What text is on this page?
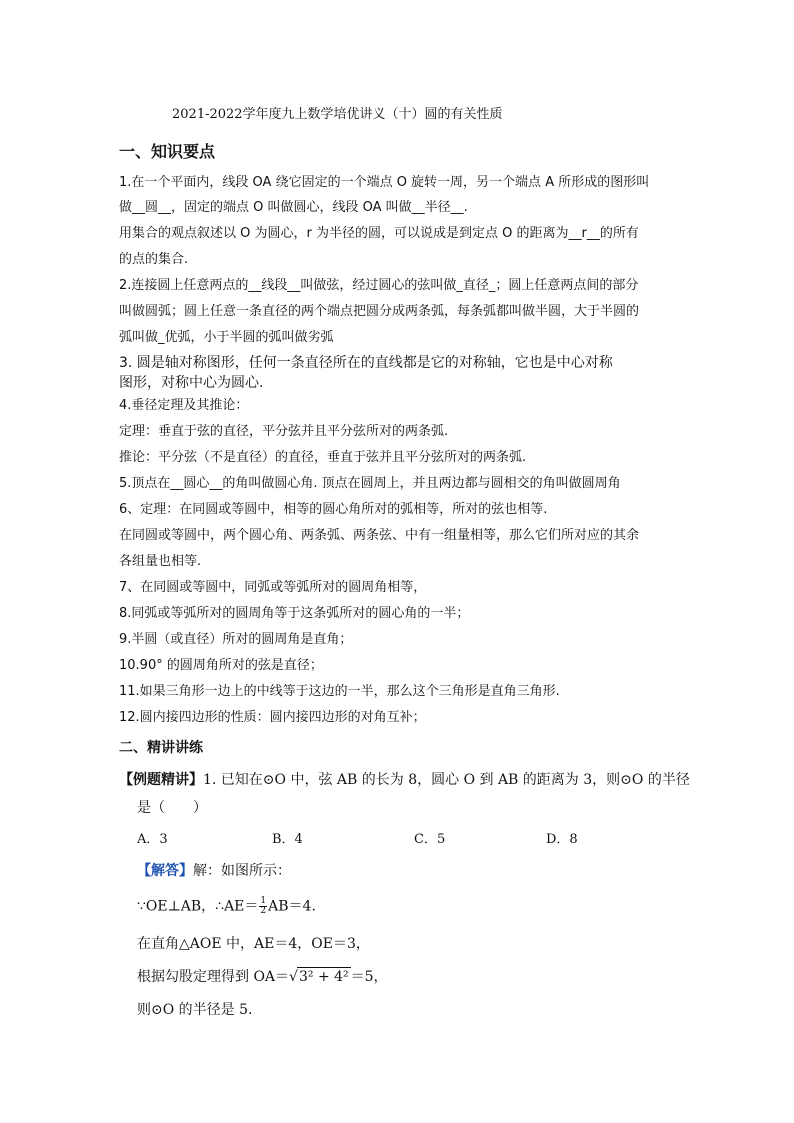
2021-2022学年度九上数学培优讲义（十）圆的有关性质
一、知识要点
1.在一个平面内，线段 OA 绕它固定的一个端点 O 旋转一周，另一个端点 A 所形成的图形叫
做__圆__，固定的端点 O 叫做圆心，线段 OA 叫做__半径__.
用集合的观点叙述以 O 为圆心，r 为半径的圆，可以说成是到定点 O 的距离为__r__的所有
的点的集合.
2.连接圆上任意两点的__线段__叫做弦，经过圆心的弦叫做_直径_；圆上任意两点间的部分
叫做圆弧；圆上任意一条直径的两个端点把圆分成两条弧，每条弧都叫做半圆，大于半圆的
弧叫做_优弧，小于半圆的弧叫做劣弧
3. 圆是轴对称图形，任何一条直径所在的直线都是它的对称轴，它也是中心对称
图形，对称中心为圆心.
4.垂径定理及其推论：
定理：垂直于弦的直径，平分弦并且平分弦所对的两条弧.
推论：平分弦（不是直径）的直径，垂直于弦并且平分弦所对的两条弧.
5.顶点在__圆心__的角叫做圆心角. 顶点在圆周上，并且两边都与圆相交的角叫做圆周角
6、定理：在同圆或等圆中，相等的圆心角所对的弧相等，所对的弦也相等.
在同圆或等圆中，两个圆心角、两条弧、两条弦、中有一组量相等，那么它们所对应的其余
各组量也相等.
7、在同圆或等圆中，同弧或等弧所对的圆周角相等，
8.同弧或等弧所对的圆周角等于这条弧所对的圆心角的一半；
9.半圆（或直径）所对的圆周角是直角；
10.90° 的圆周角所对的弦是直径；
11.如果三角形一边上的中线等于这边的一半，那么这个三角形是直角三角形.
12.圆内接四边形的性质：圆内接四边形的对角互补；
二、精讲讲练
【例题精讲】1. 已知在⊙O 中，弦 AB 的长为 8，圆心 O 到 AB 的距离为 3，则⊙O 的半径
是（　　）
A．3	B．4	C．5	D．8
【解答】解：如图所示：
∵OE⊥AB，∴AE＝ $\frac{1}{2} AB=4$.
在直角△AOE 中，AE＝4，OE＝3，
根据勾股定理得到 OA＝√3² + 4² ＝5，
则⊙O 的半径是 5.
